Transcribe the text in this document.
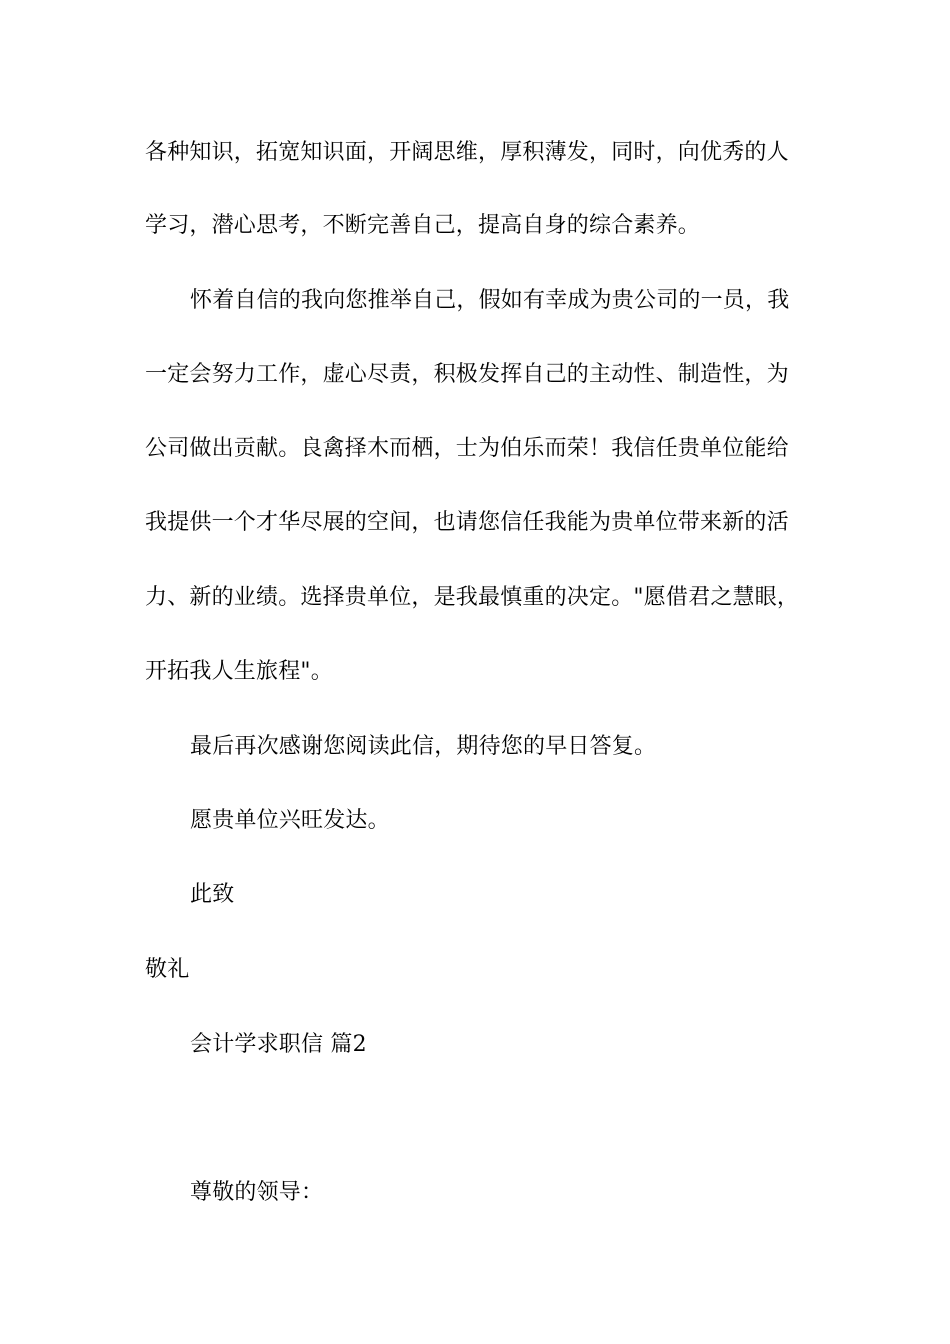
各种知识，拓宽知识面，开阔思维，厚积薄发，同时，向优秀的人
学习，潜心思考，不断完善自己，提高自身的综合素养。
怀着自信的我向您推举自己，假如有幸成为贵公司的一员，我
一定会努力工作，虚心尽责，积极发挥自己的主动性、制造性，为
公司做出贡献。良禽择木而栖，士为伯乐而荣！我信任贵单位能给
我提供一个才华尽展的空间，也请您信任我能为贵单位带来新的活
力、新的业绩。选择贵单位，是我最慎重的决定。"愿借君之慧眼，
开拓我人生旅程"。
最后再次感谢您阅读此信，期待您的早日答复。
愿贵单位兴旺发达。
此致
敬礼
会计学求职信 篇2
尊敬的领导：
